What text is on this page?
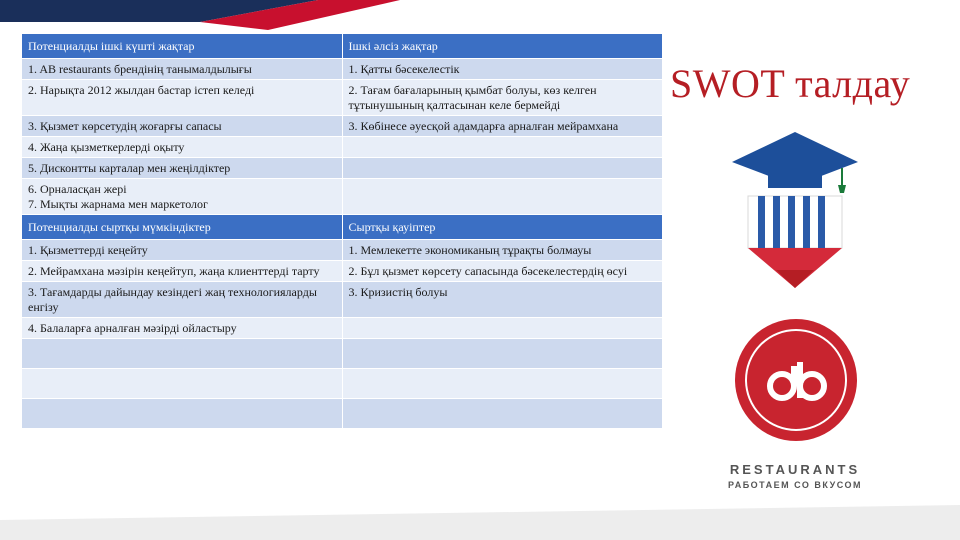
SWOT талдау
Потенциалды ішкі күшті жақтар	Ішкі әлсіз жақтар
1. AB restaurants брендінің танымалдылығы	1. Қатты бәсекелестік
2. Нарықта 2012 жылдан бастар істеп келеді	2. Тағам бағаларының қымбат болуы, көз келген тұтынушының қалтасынан келе бермейді
3. Қызмет көрсетудің жоғарғы сапасы	3. Көбінесе әуесқой адамдарға арналған мейрамхана
4. Жаңа қызметкерлерді оқыту	
5. Дисконтты карталар мен жеңілдіктер	
6. Орналасқан жері
7. Мықты жарнама мен маркетолог	
Потенциалды сыртқы мүмкіндіктер	Сыртқы қауіптер
1. Қызметтерді кеңейту	1. Мемлекетте экономиканың тұрақты болмауы
2. Мейрамхана мәзірін кеңейтуп, жаңа клиенттерді тарту	2. Бұл қызмет көрсету сапасында бәсекелестердің өсуі
3. Тағамдарды дайындау кезіндегі жаң технологияларды енгізу	3. Кризистің болуы
4. Балаларға арналған мәзірді ойластыру	

RESTAURANTS
РАБОТАЕМ СО ВКУСОМ
